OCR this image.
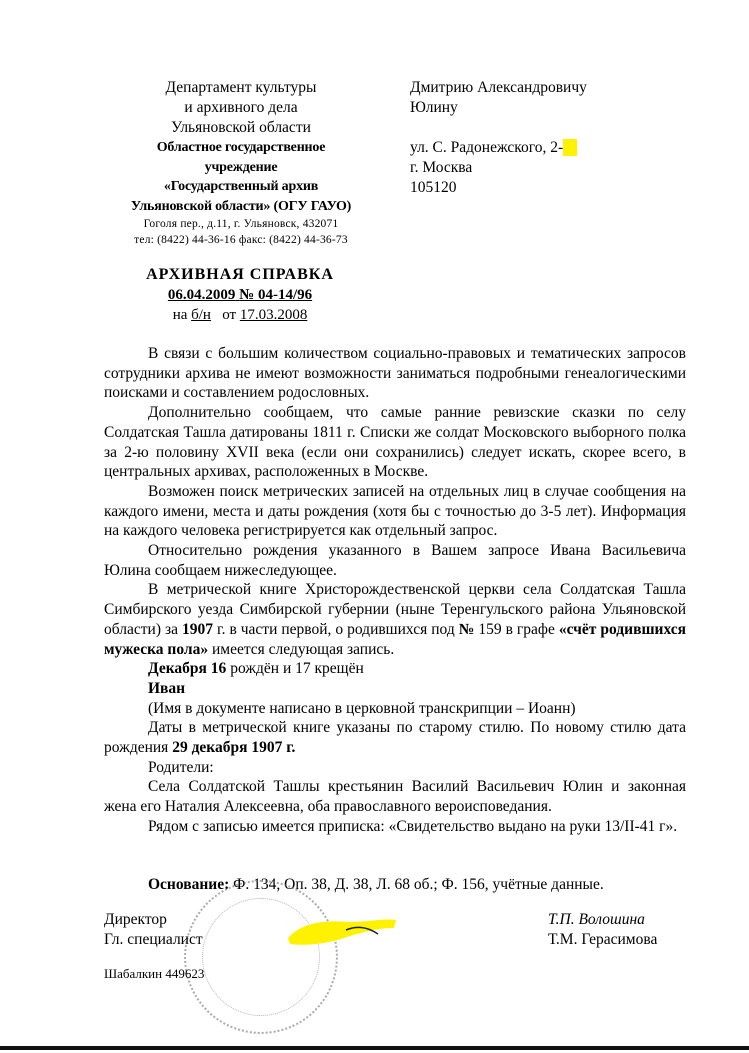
Департамент культуры
и архивного дела
Ульяновской области
Областное государственное
учреждение
«Государственный архив
Ульяновской области» (ОГУ ГАУО)
Гоголя пер., д.11, г. Ульяновск, 432071
тел: (8422) 44-36-16 факс: (8422) 44-36-73
Дмитрию Александровичу
Юлину
ул. С. Радонежского, 2-
г. Москва
105120
АРХИВНАЯ СПРАВКА
06.04.2009 № 04-14/96
на б/н от 17.03.2008

В связи с большим количеством социально-правовых и тематических запросов сотрудники архива не имеют возможности заниматься подробными генеалогическими поисками и составлением родословных.

Дополнительно сообщаем, что самые ранние ревизские сказки по селу Солдатская Ташла датированы 1811 г. Списки же солдат Московского выборного полка за 2-ю половину XVII века (если они сохранились) следует искать, скорее всего, в центральных архивах, расположенных в Москве.

Возможен поиск метрических записей на отдельных лиц в случае сообщения на каждого имени, места и даты рождения (хотя бы с точностью до 3-5 лет). Информация на каждого человека регистрируется как отдельный запрос.

Относительно рождения указанного в Вашем запросе Ивана Васильевича Юлина сообщаем нижеследующее.

В метрической книге Христорождественской церкви села Солдатская Ташла Симбирского уезда Симбирской губернии (ныне Теренгульского района Ульяновской области) за 1907 г. в части первой, о родившихся под № 159 в графе «счёт родившихся мужеска пола» имеется следующая запись.

Декабря 16 рождён и 17 крещён

Иван

(Имя в документе написано в церковной транскрипции – Иоанн)

Даты в метрической книге указаны по старому стилю. По новому стилю дата рождения 29 декабря 1907 г.

Родители:

Села Солдатской Ташлы крестьянин Василий Васильевич Юлин и законная жена его Наталия Алексеевна, оба православного вероисповедания.

Рядом с записью имеется приписка: «Свидетельство выдано на руки 13/II-41 г».

Основание: Ф. 134, Оп. 38, Д. 38, Л. 68 об.; Ф. 156, учётные данные.
Директор
Гл. специалист
Т.П. Волошина
Т.М. Герасимова
Шабалкин 449623
